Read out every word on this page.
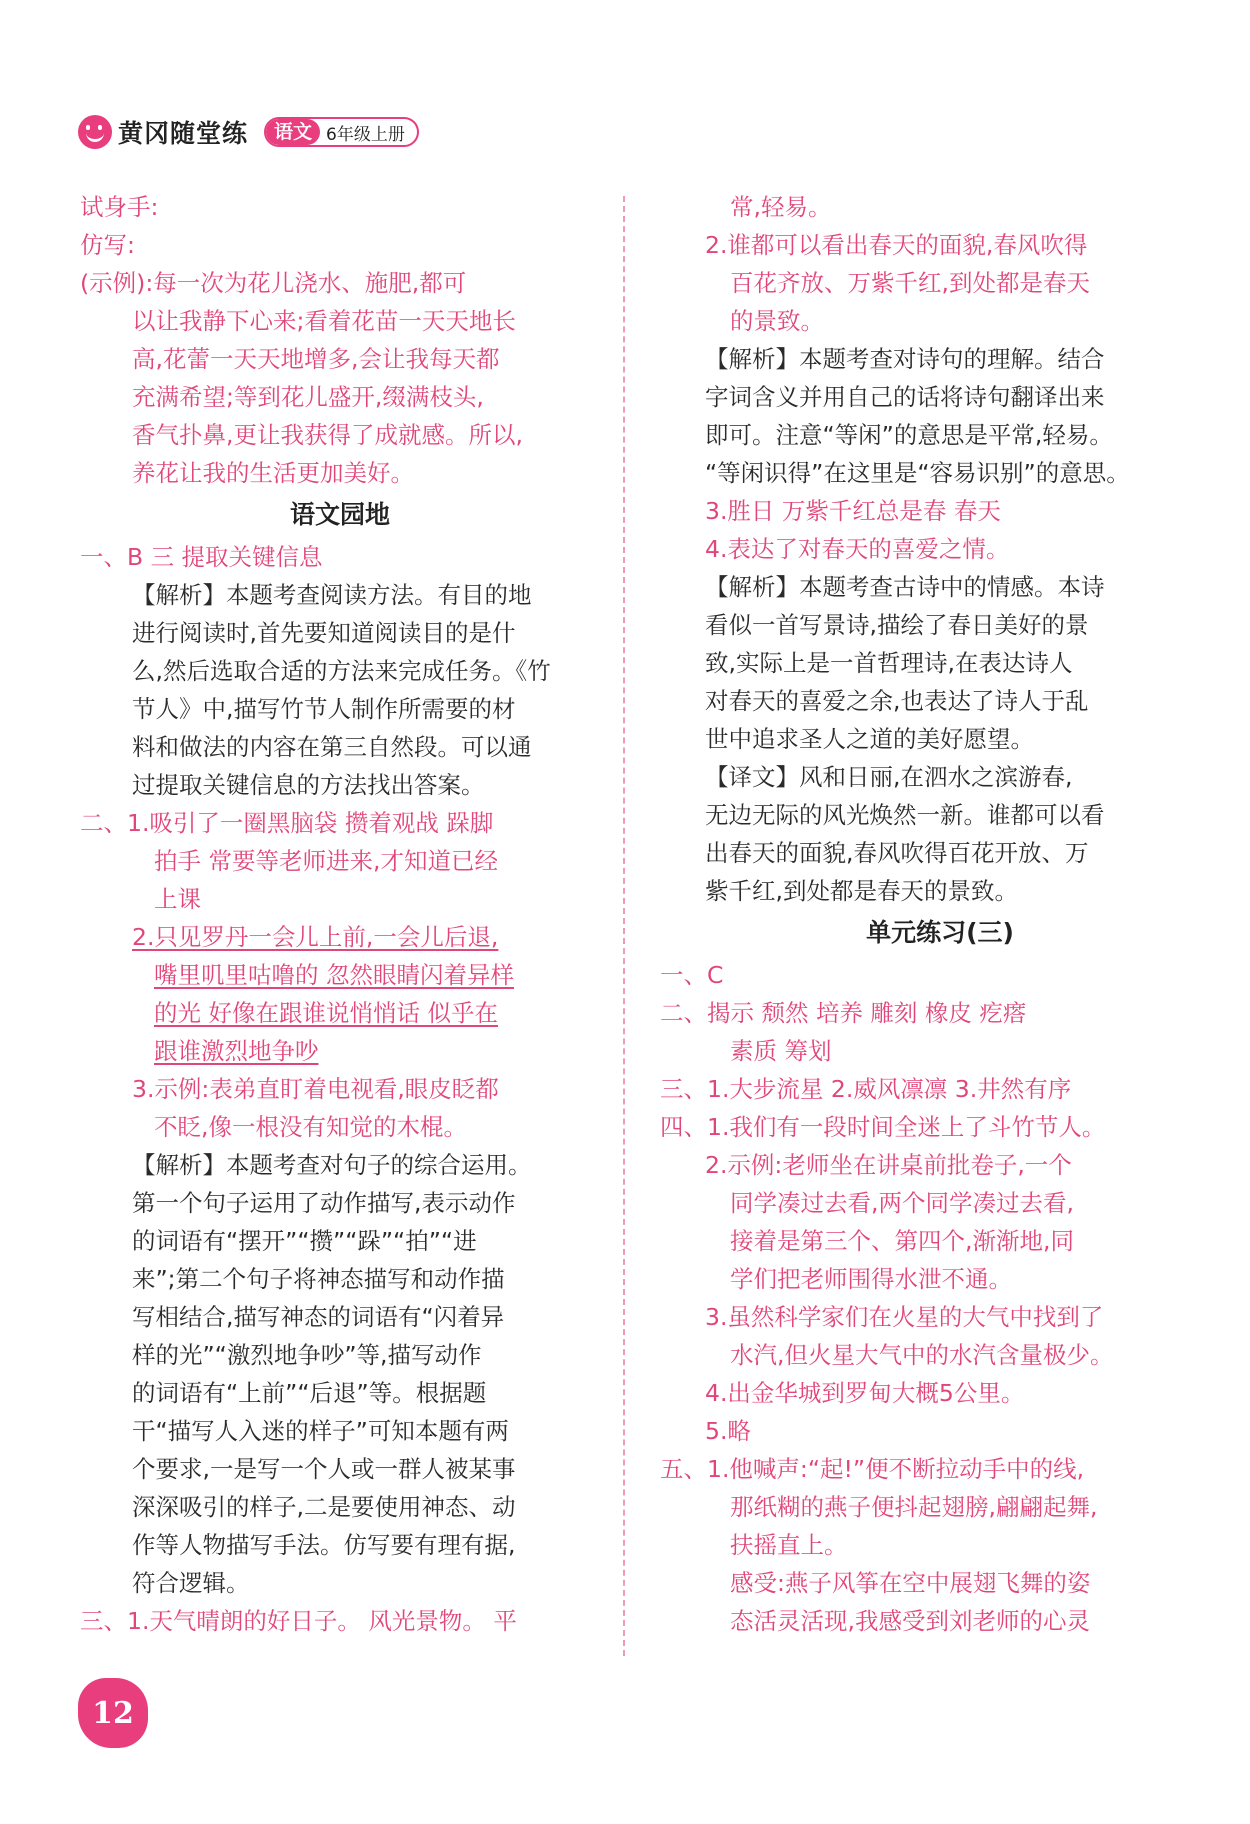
黄冈随堂练	语文 6年级上册
试身手:
仿写:
(示例):每一次为花儿浇水、施肥,都可
以让我静下心来;看着花苗一天天地长
高,花蕾一天天地增多,会让我每天都
充满希望;等到花儿盛开,缀满枝头,
香气扑鼻,更让我获得了成就感。所以,
养花让我的生活更加美好。
语文园地
一、B 三 提取关键信息
【解析】本题考查阅读方法。有目的地
进行阅读时,首先要知道阅读目的是什
么,然后选取合适的方法来完成任务。《竹
节人》中,描写竹节人制作所需要的材
料和做法的内容在第三自然段。可以通
过提取关键信息的方法找出答案。
二、1.吸引了一圈黑脑袋 攒着观战 跺脚
拍手 常要等老师进来,才知道已经
上课
2.只见罗丹一会儿上前,一会儿后退,
嘴里叽里咕噜的 忽然眼睛闪着异样
的光 好像在跟谁说悄悄话 似乎在
跟谁激烈地争吵
3.示例:表弟直盯着电视看,眼皮眨都
不眨,像一根没有知觉的木棍。
【解析】本题考查对句子的综合运用。
第一个句子运用了动作描写,表示动作
的词语有“摆开”“攒”“跺”“拍”“进
来”;第二个句子将神态描写和动作描
写相结合,描写神态的词语有“闪着异
样的光”“激烈地争吵”等,描写动作
的词语有“上前”“后退”等。根据题
干“描写人入迷的样子”可知本题有两
个要求,一是写一个人或一群人被某事
深深吸引的样子,二是要使用神态、动
作等人物描写手法。仿写要有理有据,
符合逻辑。
三、1.天气晴朗的好日子。 风光景物。 平
常,轻易。
2.谁都可以看出春天的面貌,春风吹得
百花齐放、万紫千红,到处都是春天
的景致。
【解析】本题考查对诗句的理解。结合
字词含义并用自己的话将诗句翻译出来
即可。注意“等闲”的意思是平常,轻易。
“等闲识得”在这里是“容易识别”的意思。
3.胜日 万紫千红总是春 春天
4.表达了对春天的喜爱之情。
【解析】本题考查古诗中的情感。本诗
看似一首写景诗,描绘了春日美好的景
致,实际上是一首哲理诗,在表达诗人
对春天的喜爱之余,也表达了诗人于乱
世中追求圣人之道的美好愿望。
【译文】风和日丽,在泗水之滨游春,
无边无际的风光焕然一新。谁都可以看
出春天的面貌,春风吹得百花开放、万
紫千红,到处都是春天的景致。
单元练习(三)
一、C
二、揭示 颓然 培养 雕刻 橡皮 疙瘩
素质 筹划
三、1.大步流星 2.威风凛凛 3.井然有序
四、1.我们有一段时间全迷上了斗竹节人。
2.示例:老师坐在讲桌前批卷子,一个
同学凑过去看,两个同学凑过去看,
接着是第三个、第四个,渐渐地,同
学们把老师围得水泄不通。
3.虽然科学家们在火星的大气中找到了
水汽,但火星大气中的水汽含量极少。
4.出金华城到罗甸大概5公里。
5.略
五、1.他喊声:“起!”便不断拉动手中的线,
那纸糊的燕子便抖起翅膀,翩翩起舞,
扶摇直上。
感受:燕子风筝在空中展翅飞舞的姿
态活灵活现,我感受到刘老师的心灵
12
